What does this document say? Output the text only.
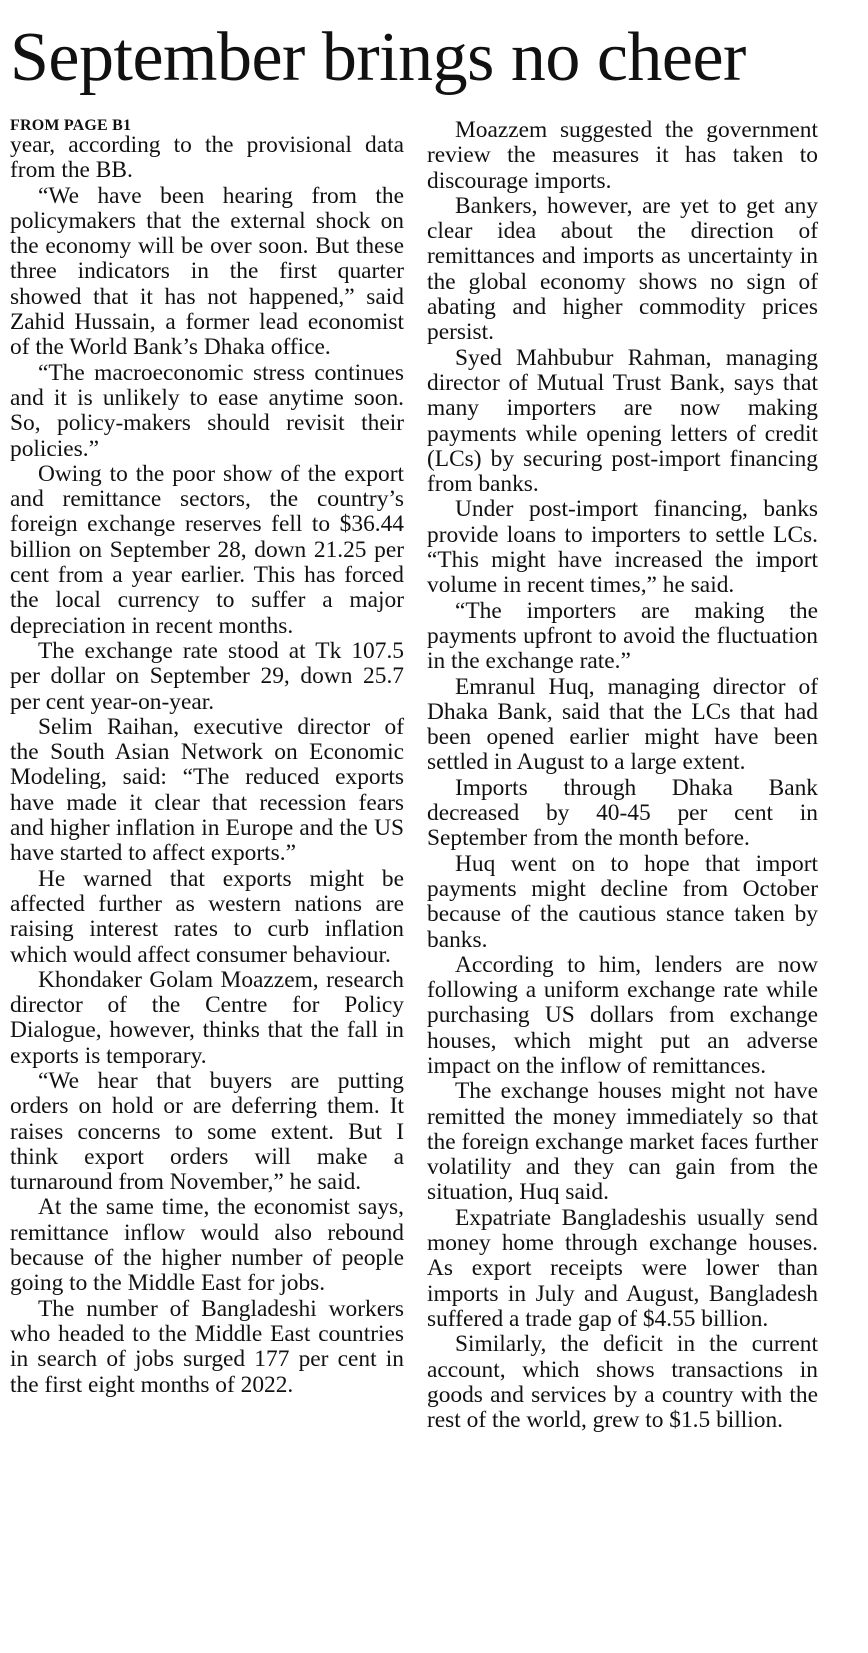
September brings no cheer
FROM PAGE B1

year, according to the provisional data from the BB.

“We have been hearing from the policymakers that the external shock on the economy will be over soon. But these three indicators in the first quarter showed that it has not happened,” said Zahid Hussain, a former lead economist of the World Bank’s Dhaka office.

“The macroeconomic stress continues and it is unlikely to ease anytime soon. So, policy-makers should revisit their policies.”

Owing to the poor show of the export and remittance sectors, the country’s foreign exchange reserves fell to $36.44 billion on September 28, down 21.25 per cent from a year earlier. This has forced the local currency to suffer a major depreciation in recent months.

The exchange rate stood at Tk 107.5 per dollar on September 29, down 25.7 per cent year-on-year.

Selim Raihan, executive director of the South Asian Network on Economic Modeling, said: “The reduced exports have made it clear that recession fears and higher inflation in Europe and the US have started to affect exports.”

He warned that exports might be affected further as western nations are raising interest rates to curb inflation which would affect consumer behaviour.

Khondaker Golam Moazzem, research director of the Centre for Policy Dialogue, however, thinks that the fall in exports is temporary.

“We hear that buyers are putting orders on hold or are deferring them. It raises concerns to some extent. But I think export orders will make a turnaround from November,” he said.

At the same time, the economist says, remittance inflow would also rebound because of the higher number of people going to the Middle East for jobs.

The number of Bangladeshi workers who headed to the Middle East countries in search of jobs surged 177 per cent in the first eight months of 2022.

Moazzem suggested the government review the measures it has taken to discourage imports.

Bankers, however, are yet to get any clear idea about the direction of remittances and imports as uncertainty in the global economy shows no sign of abating and higher commodity prices persist.

Syed Mahbubur Rahman, managing director of Mutual Trust Bank, says that many importers are now making payments while opening letters of credit (LCs) by securing post-import financing from banks.

Under post-import financing, banks provide loans to importers to settle LCs. “This might have increased the import volume in recent times,” he said.

“The importers are making the payments upfront to avoid the fluctuation in the exchange rate.”

Emranul Huq, managing director of Dhaka Bank, said that the LCs that had been opened earlier might have been settled in August to a large extent.

Imports through Dhaka Bank decreased by 40-45 per cent in September from the month before.

Huq went on to hope that import payments might decline from October because of the cautious stance taken by banks.

According to him, lenders are now following a uniform exchange rate while purchasing US dollars from exchange houses, which might put an adverse impact on the inflow of remittances.

The exchange houses might not have remitted the money immediately so that the foreign exchange market faces further volatility and they can gain from the situation, Huq said.

Expatriate Bangladeshis usually send money home through exchange houses. As export receipts were lower than imports in July and August, Bangladesh suffered a trade gap of $4.55 billion.

Similarly, the deficit in the current account, which shows transactions in goods and services by a country with the rest of the world, grew to $1.5 billion.
